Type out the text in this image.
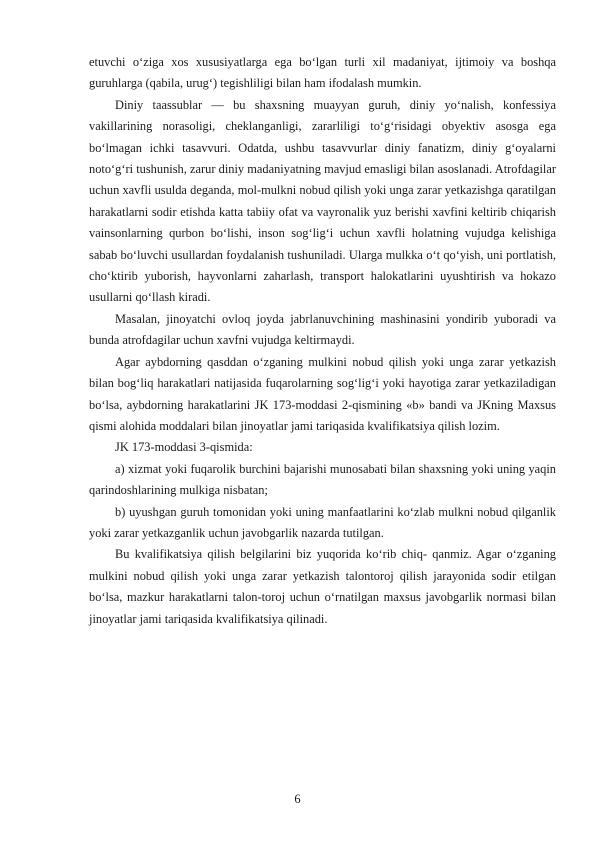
etuvchi o‘ziga xos xususiyatlarga ega bo‘lgan turli xil madaniyat, ijtimoiy va boshqa guruhlarga (qabila, urug‘) tegishliligi bilan ham ifodalash mumkin.

Diniy taassublar — bu shaxsning muayyan guruh, diniy yo‘nalish, konfessiya vakillarining norasoligi, cheklanganligi, zararliligi to‘g‘risidagi obyektiv asosga ega bo‘lmagan ichki tasavvuri. Odatda, ushbu tasavvurlar diniy fanatizm, diniy g‘oyalarni noto‘g‘ri tushunish, zarur diniy madaniyatning mavjud emasligi bilan asoslanadi. Atrofdagilar uchun xavfli usulda deganda, mol-mulkni nobud qilish yoki unga zarar yetkazishga qaratilgan harakatlarni sodir etishda katta tabiiy ofat va vayronalik yuz berishi xavfini keltirib chiqarish vainsonlarning qurbon bo‘lishi, inson sog‘lig‘i uchun xavfli holatning vujudga kelishiga sabab bo‘luvchi usullardan foydalanish tushuniladi. Ularga mulkka o‘t qo‘yish, uni portlatish, cho‘ktirib yuborish, hayvonlarni zaharlash, transport halokatlarini uyushtirish va hokazo usullarni qo‘llash kiradi.

Masalan, jinoyatchi ovloq joyda jabrlanuvchining mashinasini yondirib yuboradi va bunda atrofdagilar uchun xavfni vujudga keltirmaydi.

Agar aybdorning qasddan o‘zganing mulkini nobud qilish yoki unga zarar yetkazish bilan bog‘liq harakatlari natijasida fuqarolarning sog‘lig‘i yoki hayotiga zarar yetkaziladigan bo‘lsa, aybdorning harakatlarini JK 173-moddasi 2-qismining «b» bandi va JKning Maxsus qismi alohida moddalari bilan jinoyatlar jami tariqasida kvalifikatsiya qilish lozim.

JK 173-moddasi 3-qismida:

a) xizmat yoki fuqarolik burchini bajarishi munosabati bilan shaxsning yoki uning yaqin qarindoshlarining mulkiga nisbatan;

b) uyushgan guruh tomonidan yoki uning manfaatlarini ko‘zlab mulkni nobud qilganlik yoki zarar yetkazganlik uchun javobgarlik nazarda tutilgan.

Bu kvalifikatsiya qilish belgilarini biz yuqorida ko‘rib chiq- qanmiz. Agar o‘zganing mulkini nobud qilish yoki unga zarar yetkazish talontoroj qilish jarayonida sodir etilgan bo‘lsa, mazkur harakatlarni talon-toroj uchun o‘rnatilgan maxsus javobgarlik normasi bilan jinoyatlar jami tariqasida kvalifikatsiya qilinadi.

6
